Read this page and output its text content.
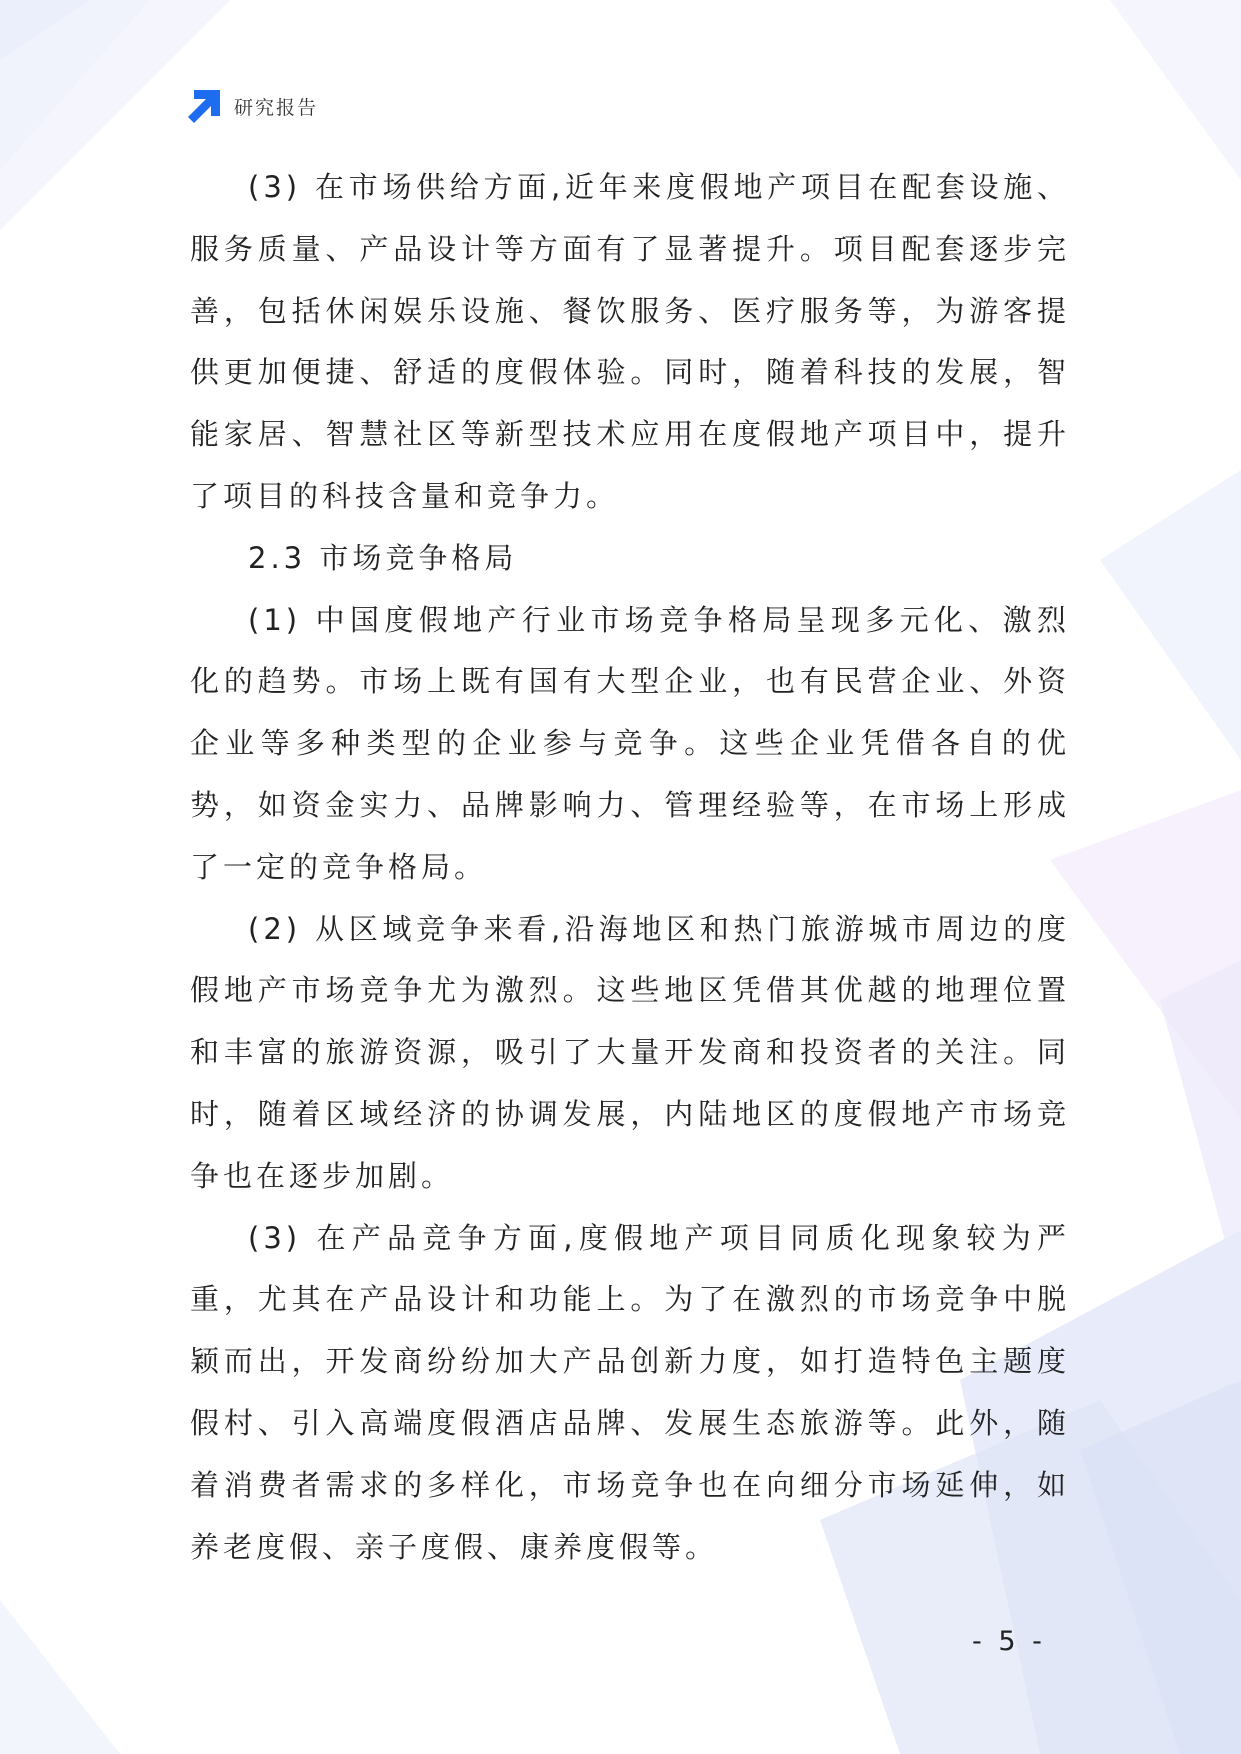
研究报告

(3) 在市场供给方面,近年来度假地产项目在配套设施、服务质量、产品设计等方面有了显著提升。项目配套逐步完善，包括休闲娱乐设施、餐饮服务、医疗服务等，为游客提供更加便捷、舒适的度假体验。同时，随着科技的发展，智能家居、智慧社区等新型技术应用在度假地产项目中，提升了项目的科技含量和竞争力。

2.3 市场竞争格局

(1) 中国度假地产行业市场竞争格局呈现多元化、激烈化的趋势。市场上既有国有大型企业，也有民营企业、外资企业等多种类型的企业参与竞争。这些企业凭借各自的优势，如资金实力、品牌影响力、管理经验等，在市场上形成了一定的竞争格局。

(2) 从区域竞争来看,沿海地区和热门旅游城市周边的度假地产市场竞争尤为激烈。这些地区凭借其优越的地理位置和丰富的旅游资源，吸引了大量开发商和投资者的关注。同时，随着区域经济的协调发展，内陆地区的度假地产市场竞争也在逐步加剧。

(3) 在产品竞争方面,度假地产项目同质化现象较为严重，尤其在产品设计和功能上。为了在激烈的市场竞争中脱颖而出，开发商纷纷加大产品创新力度，如打造特色主题度假村、引入高端度假酒店品牌、发展生态旅游等。此外，随着消费者需求的多样化，市场竞争也在向细分市场延伸，如养老度假、亲子度假、康养度假等。

- 5 -
